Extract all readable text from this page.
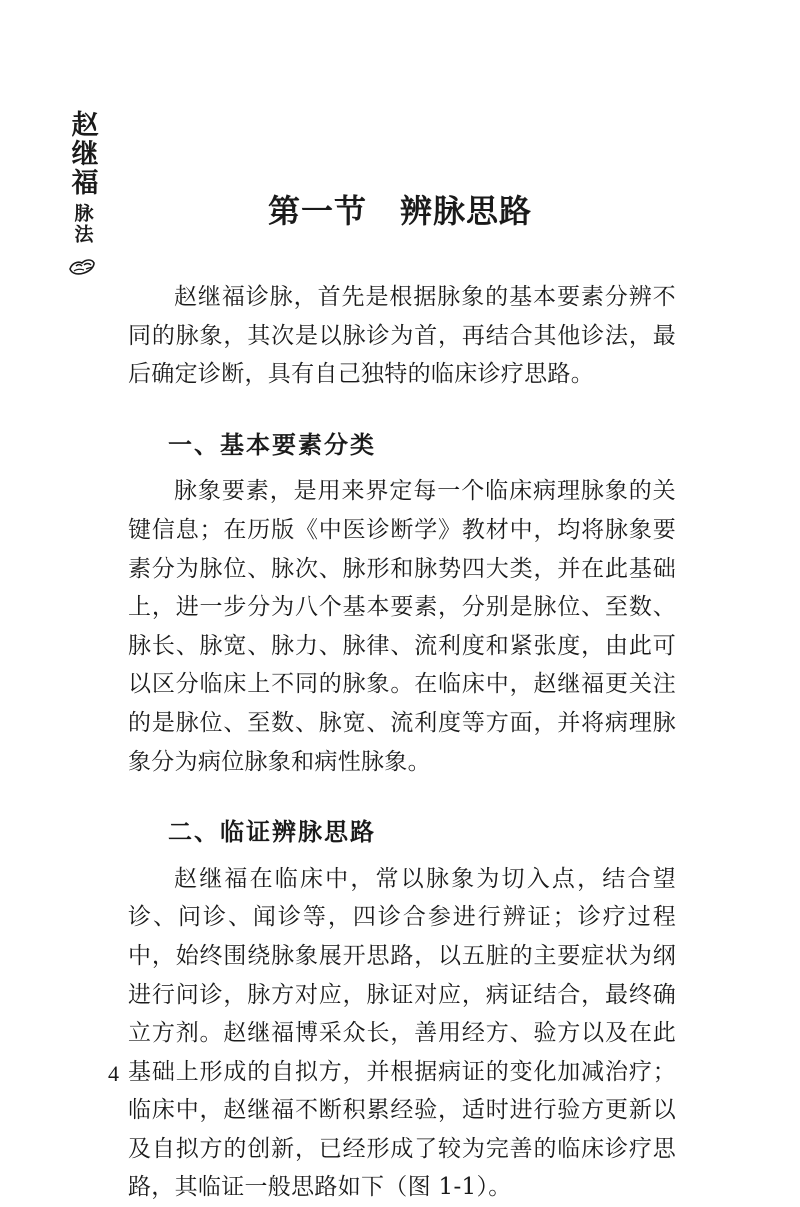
赵继福
脉法	第一节　辨脉思路

赵继福诊脉，首先是根据脉象的基本要素分辨不同的脉象，其次是以脉诊为首，再结合其他诊法，最后确定诊断，具有自己独特的临床诊疗思路。

一、基本要素分类

脉象要素，是用来界定每一个临床病理脉象的关键信息；在历版《中医诊断学》教材中，均将脉象要素分为脉位、脉次、脉形和脉势四大类，并在此基础上，进一步分为八个基本要素，分别是脉位、至数、脉长、脉宽、脉力、脉律、流利度和紧张度，由此可以区分临床上不同的脉象。在临床中，赵继福更关注的是脉位、至数、脉宽、流利度等方面，并将病理脉象分为病位脉象和病性脉象。

二、临证辨脉思路

赵继福在临床中，常以脉象为切入点，结合望诊、问诊、闻诊等，四诊合参进行辨证；诊疗过程中，始终围绕脉象展开思路，以五脏的主要症状为纲进行问诊，脉方对应，脉证对应，病证结合，最终确立方剂。赵继福博采众长，善用经方、验方以及在此基础上形成的自拟方，并根据病证的变化加减治疗；临床中，赵继福不断积累经验，适时进行验方更新以及自拟方的创新，已经形成了较为完善的临床诊疗思路，其临证一般思路如下（图 1-1）。

4
